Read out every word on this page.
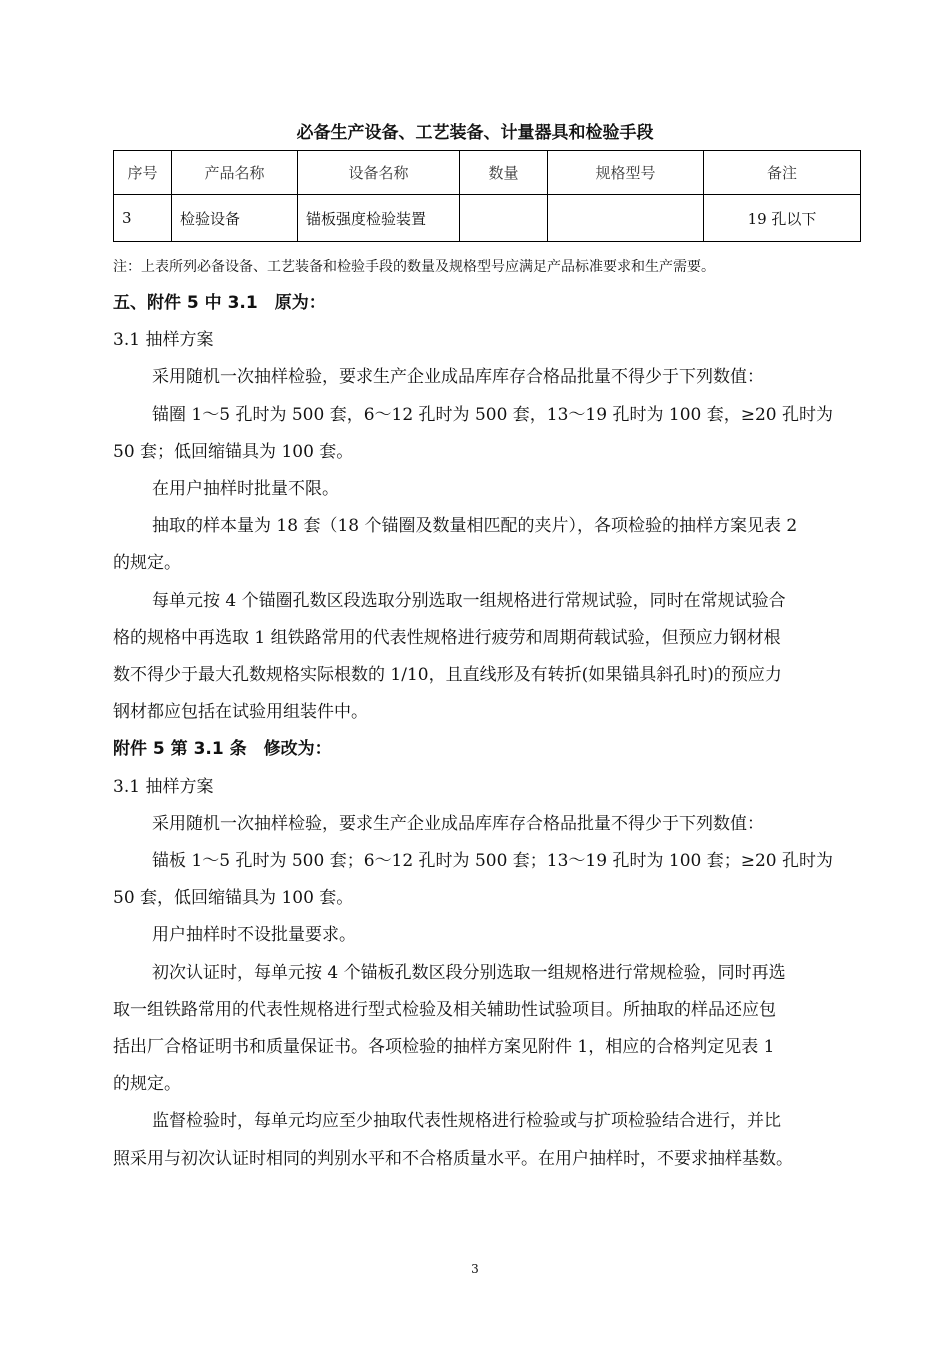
必备生产设备、工艺装备、计量器具和检验手段
序号	产品名称	设备名称	数量	规格型号	备注
3	检验设备	锚板强度检验装置			19 孔以下
注：上表所列必备设备、工艺装备和检验手段的数量及规格型号应满足产品标准要求和生产需要。
五、附件 5 中 3.1　原为：
3.1 抽样方案
采用随机一次抽样检验，要求生产企业成品库库存合格品批量不得少于下列数值：
锚圈 1～5 孔时为 500 套，6～12 孔时为 500 套，13～19 孔时为 100 套，≥20 孔时为
50 套；低回缩锚具为 100 套。
在用户抽样时批量不限。
抽取的样本量为 18 套（18 个锚圈及数量相匹配的夹片），各项检验的抽样方案见表 2
的规定。
每单元按 4 个锚圈孔数区段选取分别选取一组规格进行常规试验，同时在常规试验合
格的规格中再选取 1 组铁路常用的代表性规格进行疲劳和周期荷载试验，但预应力钢材根
数不得少于最大孔数规格实际根数的 1/10，且直线形及有转折(如果锚具斜孔时)的预应力
钢材都应包括在试验用组装件中。
附件 5 第 3.1 条　修改为：
3.1 抽样方案
采用随机一次抽样检验，要求生产企业成品库库存合格品批量不得少于下列数值：
锚板 1～5 孔时为 500 套；6～12 孔时为 500 套；13～19 孔时为 100 套；≥20 孔时为
50 套，低回缩锚具为 100 套。
用户抽样时不设批量要求。
初次认证时，每单元按 4 个锚板孔数区段分别选取一组规格进行常规检验，同时再选
取一组铁路常用的代表性规格进行型式检验及相关辅助性试验项目。所抽取的样品还应包
括出厂合格证明书和质量保证书。各项检验的抽样方案见附件 1，相应的合格判定见表 1
的规定。
监督检验时，每单元均应至少抽取代表性规格进行检验或与扩项检验结合进行，并比
照采用与初次认证时相同的判别水平和不合格质量水平。在用户抽样时，不要求抽样基数。
3
